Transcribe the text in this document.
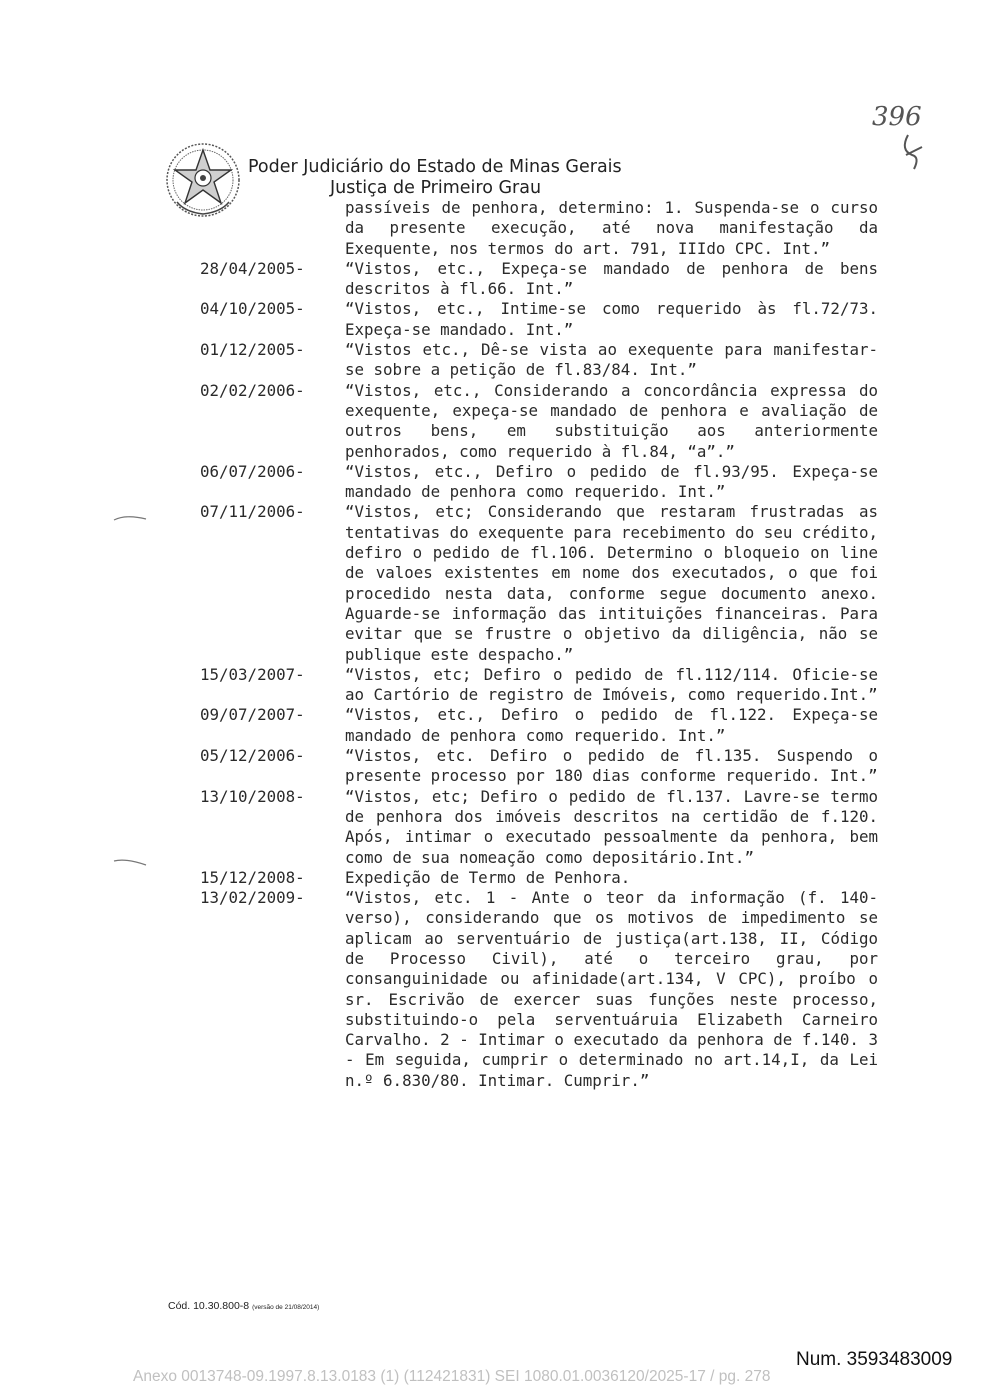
Poder Judiciário do Estado de Minas Gerais
Justiça de Primeiro Grau
396
passíveis de penhora, determino: 1. Suspenda-se o curso da presente execução, até nova manifestação da Exequente, nos termos do art. 791, IIIdo CPC. Int.”
28/04/2005-	“Vistos, etc., Expeça-se mandado de penhora de bens descritos à fl.66. Int.”
04/10/2005-	“Vistos, etc., Intime-se como requerido às fl.72/73. Expeça-se mandado. Int.”
01/12/2005-	“Vistos etc., Dê-se vista ao exequente para manifestar-se sobre a petição de fl.83/84. Int.”
02/02/2006-	“Vistos, etc., Considerando a concordância expressa do exequente, expeça-se mandado de penhora e avaliação de outros bens, em substituição aos anteriormente penhorados, como requerido à fl.84, “a”.”
06/07/2006-	“Vistos, etc., Defiro o pedido de fl.93/95. Expeça-se mandado de penhora como requerido. Int.”
07/11/2006-	“Vistos, etc; Considerando que restaram frustradas as tentativas do exequente para recebimento do seu crédito, defiro o pedido de fl.106. Determino o bloqueio on line de valoes existentes em nome dos executados, o que foi procedido nesta data, conforme segue documento anexo. Aguarde-se informação das intituições financeiras. Para evitar que se frustre o objetivo da diligência, não se publique este despacho.”
15/03/2007-	“Vistos, etc; Defiro o pedido de fl.112/114. Oficie-se ao Cartório de registro de Imóveis, como requerido.Int.”
09/07/2007-	“Vistos, etc., Defiro o pedido de fl.122. Expeça-se mandado de penhora como requerido. Int.”
05/12/2006-	“Vistos, etc. Defiro o pedido de fl.135. Suspendo o presente processo por 180 dias conforme requerido. Int.”
13/10/2008-	“Vistos, etc; Defiro o pedido de fl.137. Lavre-se termo de penhora dos imóveis descritos na certidão de f.120. Após, intimar o executado pessoalmente da penhora, bem como de sua nomeação como depositário.Int.”
15/12/2008-	Expedição de Termo de Penhora.
13/02/2009-	“Vistos, etc. 1 - Ante o teor da informação (f. 140-verso), considerando que os motivos de impedimento se aplicam ao serventuário de justiça(art.138, II, Código de Processo Civil), até o terceiro grau, por consanguinidade ou afinidade(art.134, V CPC), proíbo o sr. Escrivão de exercer suas funções neste processo, substituindo-o pela serventuáruia Elizabeth Carneiro Carvalho. 2 - Intimar o executado da penhora de f.140. 3 - Em seguida, cumprir o determinado no art.14,I, da Lei n.º 6.830/80. Intimar. Cumprir.”
Cód. 10.30.800-8 (versão de 21/08/2014)
Num. 3593483009
Anexo 0013748-09.1997.8.13.0183 (1) (112421831) SEI 1080.01.0036120/2025-17 / pg. 278
